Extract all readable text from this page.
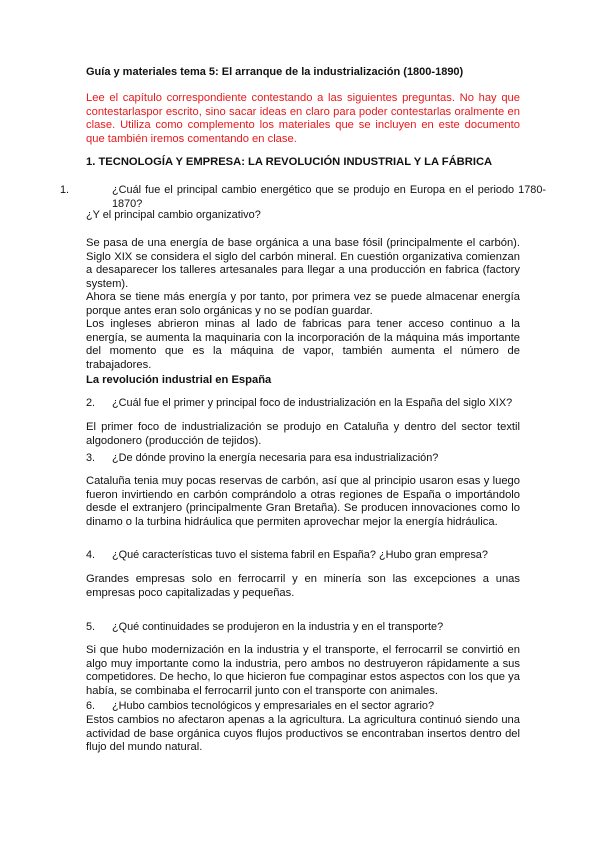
Guía y materiales tema 5: El arranque de la industrialización (1800-1890)
Lee el capítulo correspondiente contestando a las siguientes preguntas. No hay que contestarlaspor escrito, sino sacar ideas en claro para poder contestarlas oralmente en clase. Utiliza como complemento los materiales que se incluyen en este documento que también iremos comentando en clase.
1. TECNOLOGÍA Y EMPRESA: LA REVOLUCIÓN INDUSTRIAL Y LA FÁBRICA
1.	¿Cuál fue el principal cambio energético que se produjo en Europa en el periodo 1780-1870?
¿Y el principal cambio organizativo?
Se pasa de una energía de base orgánica a una base fósil (principalmente el carbón). Siglo XIX se considera el siglo del carbón mineral. En cuestión organizativa comienzan a desaparecer los talleres artesanales para llegar a una producción en fabrica (factory system).
Ahora se tiene más energía y por tanto, por primera vez se puede almacenar energía porque antes eran solo orgánicas y no se podían guardar.
Los ingleses abrieron minas al lado de fabricas para tener acceso continuo a la energía, se aumenta la maquinaria con la incorporación de la máquina más importante del momento que es la máquina de vapor, también aumenta el número de trabajadores.
La revolución industrial en España
2. ¿Cuál fue el primer y principal foco de industrialización en la España del siglo XIX?
El primer foco de industrialización se produjo en Cataluña y dentro del sector textil algodonero (producción de tejidos).
3. ¿De dónde provino la energía necesaria para esa industrialización?
Cataluña tenia muy pocas reservas de carbón, así que al principio usaron esas y luego fueron invirtiendo en carbón comprándolo a otras regiones de España o importándolo desde el extranjero (principalmente Gran Bretaña). Se producen innovaciones como lo dinamo o la turbina hidráulica que permiten aprovechar mejor la energía hidráulica.
4. ¿Qué características tuvo el sistema fabril en España? ¿Hubo gran empresa?
Grandes empresas solo en ferrocarril y en minería son las excepciones a unas empresas poco capitalizadas y pequeñas.
5. ¿Qué continuidades se produjeron en la industria y en el transporte?
Si que hubo modernización en la industria y el transporte, el ferrocarril se convirtió en algo muy importante como la industria, pero ambos no destruyeron rápidamente a sus competidores. De hecho, lo que hicieron fue compaginar estos aspectos con los que ya había, se combinaba el ferrocarril junto con el transporte con animales.
6. ¿Hubo cambios tecnológicos y empresariales en el sector agrario?
Estos cambios no afectaron apenas a la agricultura. La agricultura continuó siendo una actividad de base orgánica cuyos flujos productivos se encontraban insertos dentro del flujo del mundo natural.
